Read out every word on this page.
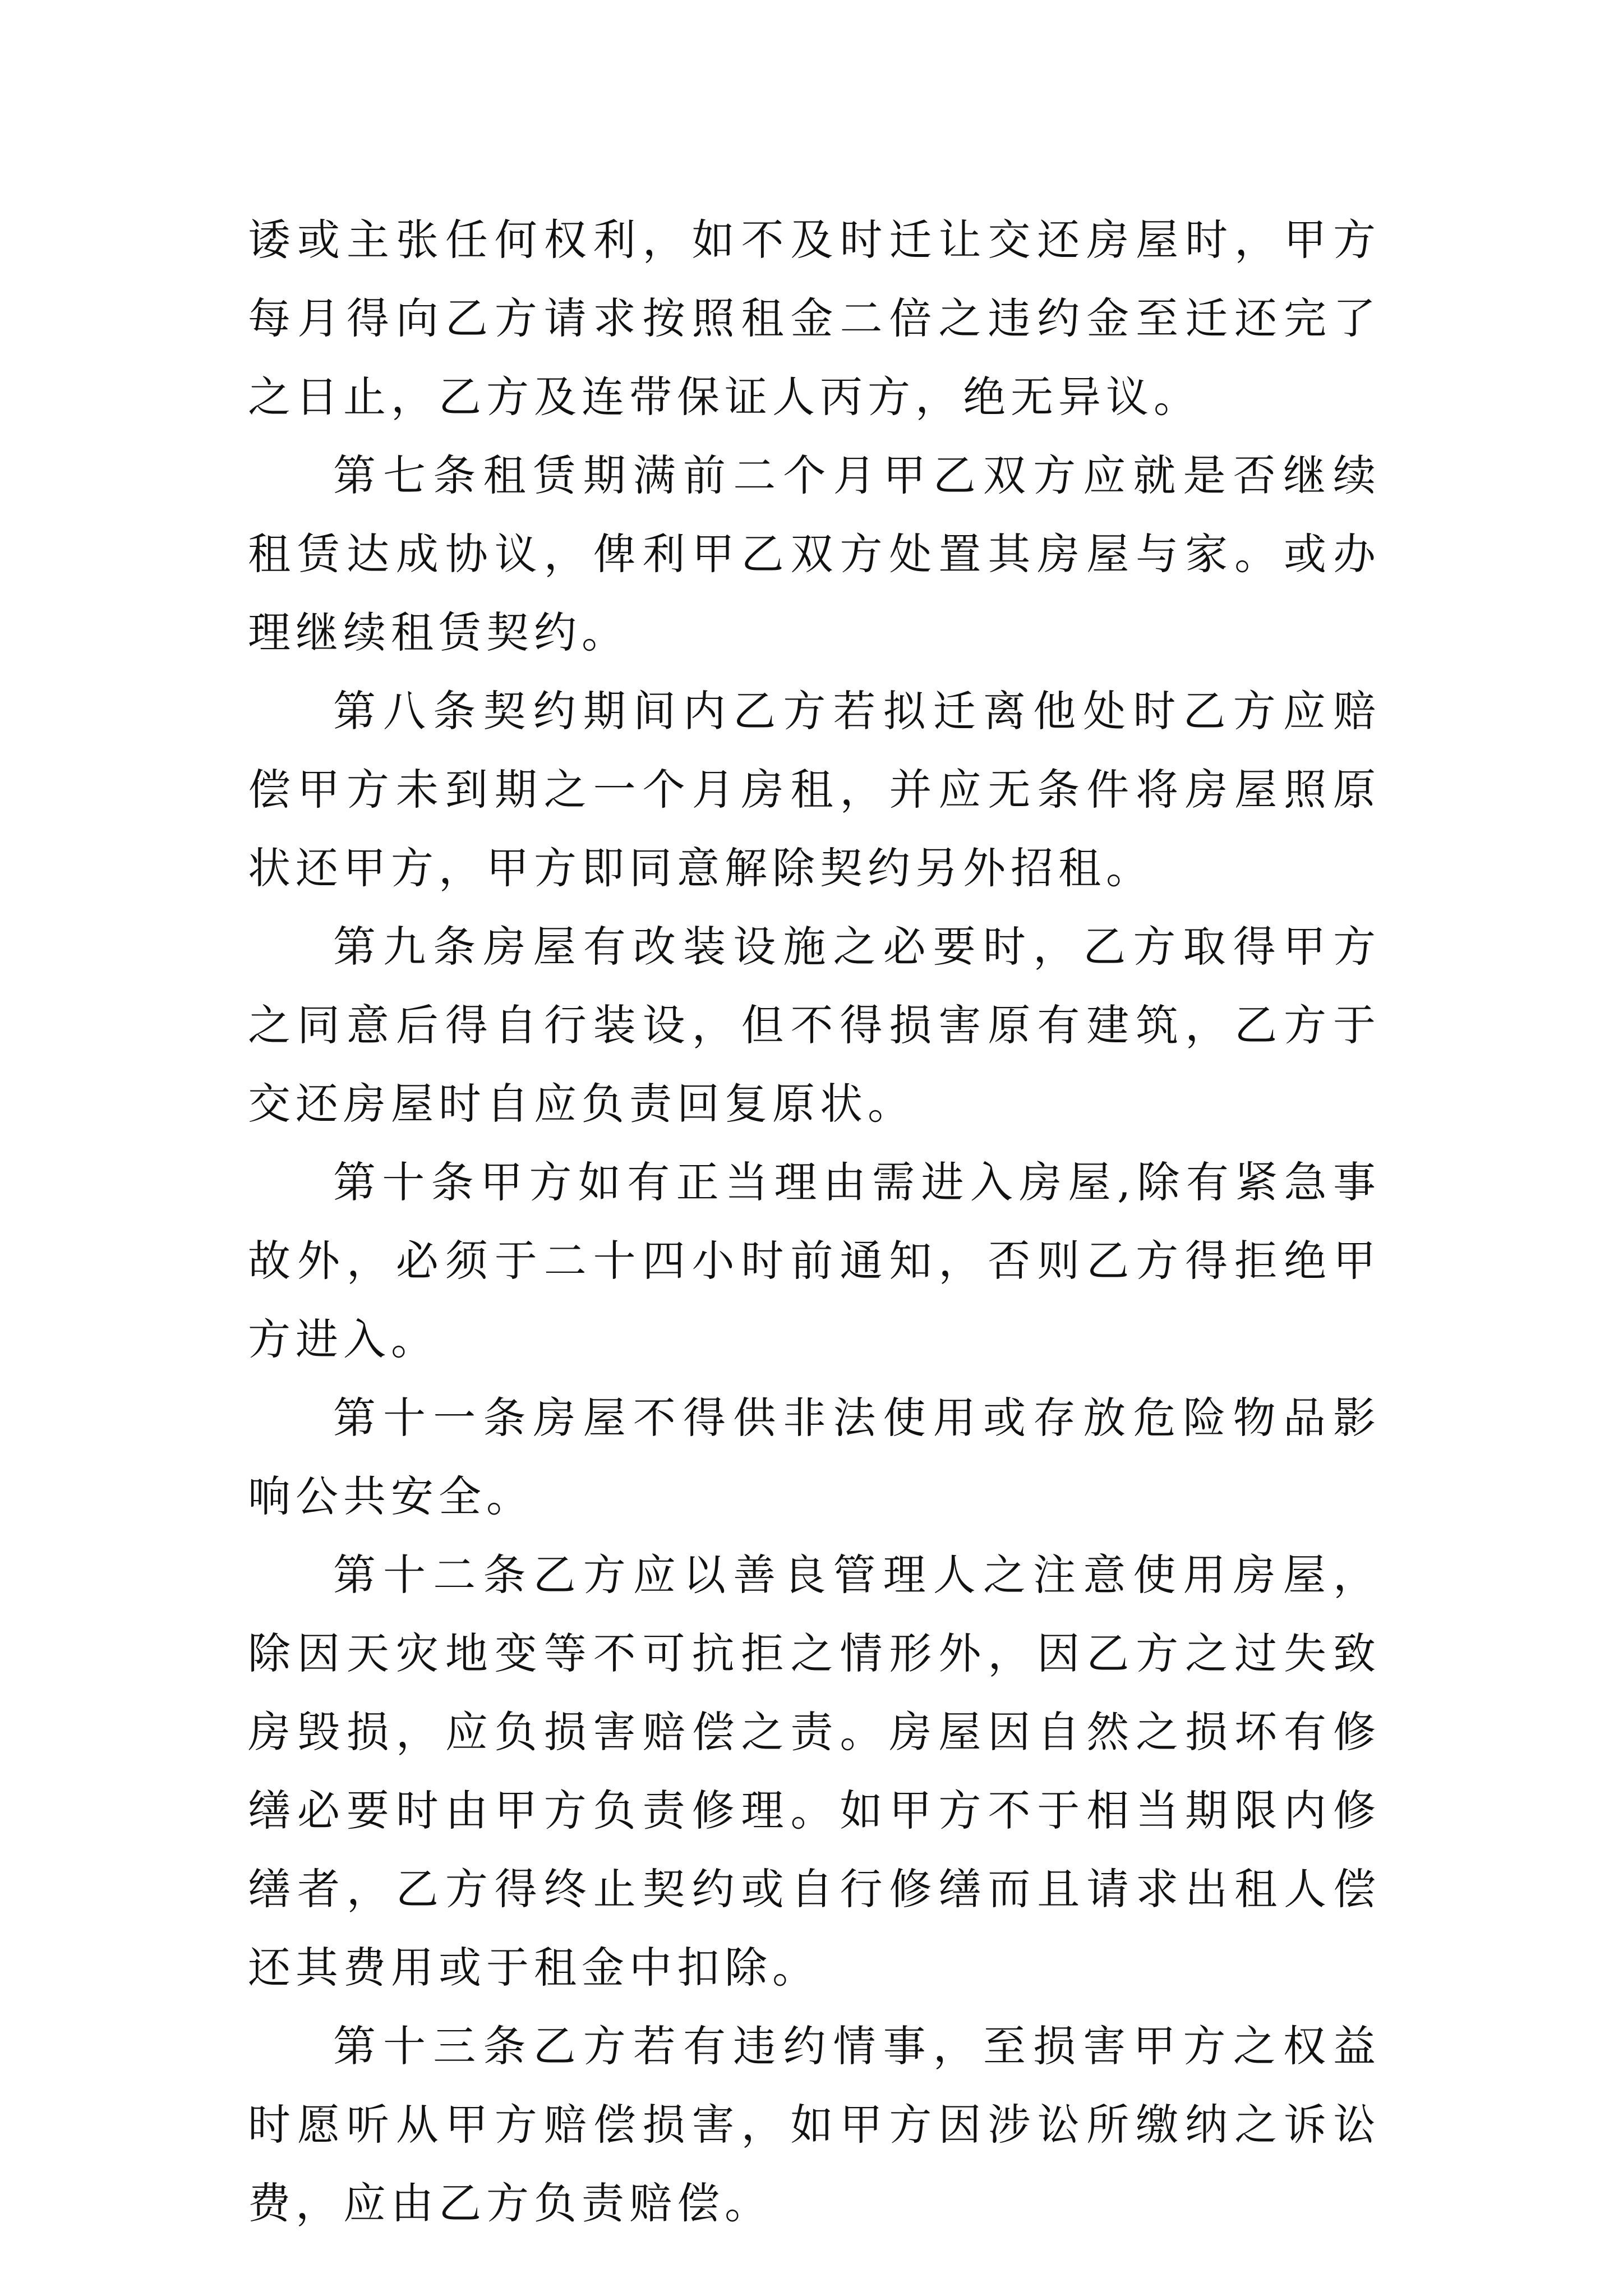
诿或主张任何权利，如不及时迁让交还房屋时，甲方每月得向乙方请求按照租金二倍之违约金至迁还完了之日止，乙方及连带保证人丙方，绝无异议。

第七条租赁期满前二个月甲乙双方应就是否继续租赁达成协议，俾利甲乙双方处置其房屋与家。或办理继续租赁契约。

第八条契约期间内乙方若拟迁离他处时乙方应赔偿甲方未到期之一个月房租，并应无条件将房屋照原状还甲方，甲方即同意解除契约另外招租。

第九条房屋有改装设施之必要时，乙方取得甲方之同意后得自行装设，但不得损害原有建筑，乙方于交还房屋时自应负责回复原状。

第十条甲方如有正当理由需进入房屋,除有紧急事故外，必须于二十四小时前通知，否则乙方得拒绝甲方进入。

第十一条房屋不得供非法使用或存放危险物品影响公共安全。

第十二条乙方应以善良管理人之注意使用房屋，除因天灾地变等不可抗拒之情形外，因乙方之过失致房毁损，应负损害赔偿之责。房屋因自然之损坏有修缮必要时由甲方负责修理。如甲方不于相当期限内修缮者，乙方得终止契约或自行修缮而且请求出租人偿还其费用或于租金中扣除。

第十三条乙方若有违约情事，至损害甲方之权益时愿听从甲方赔偿损害，如甲方因涉讼所缴纳之诉讼费，应由乙方负责赔偿。
